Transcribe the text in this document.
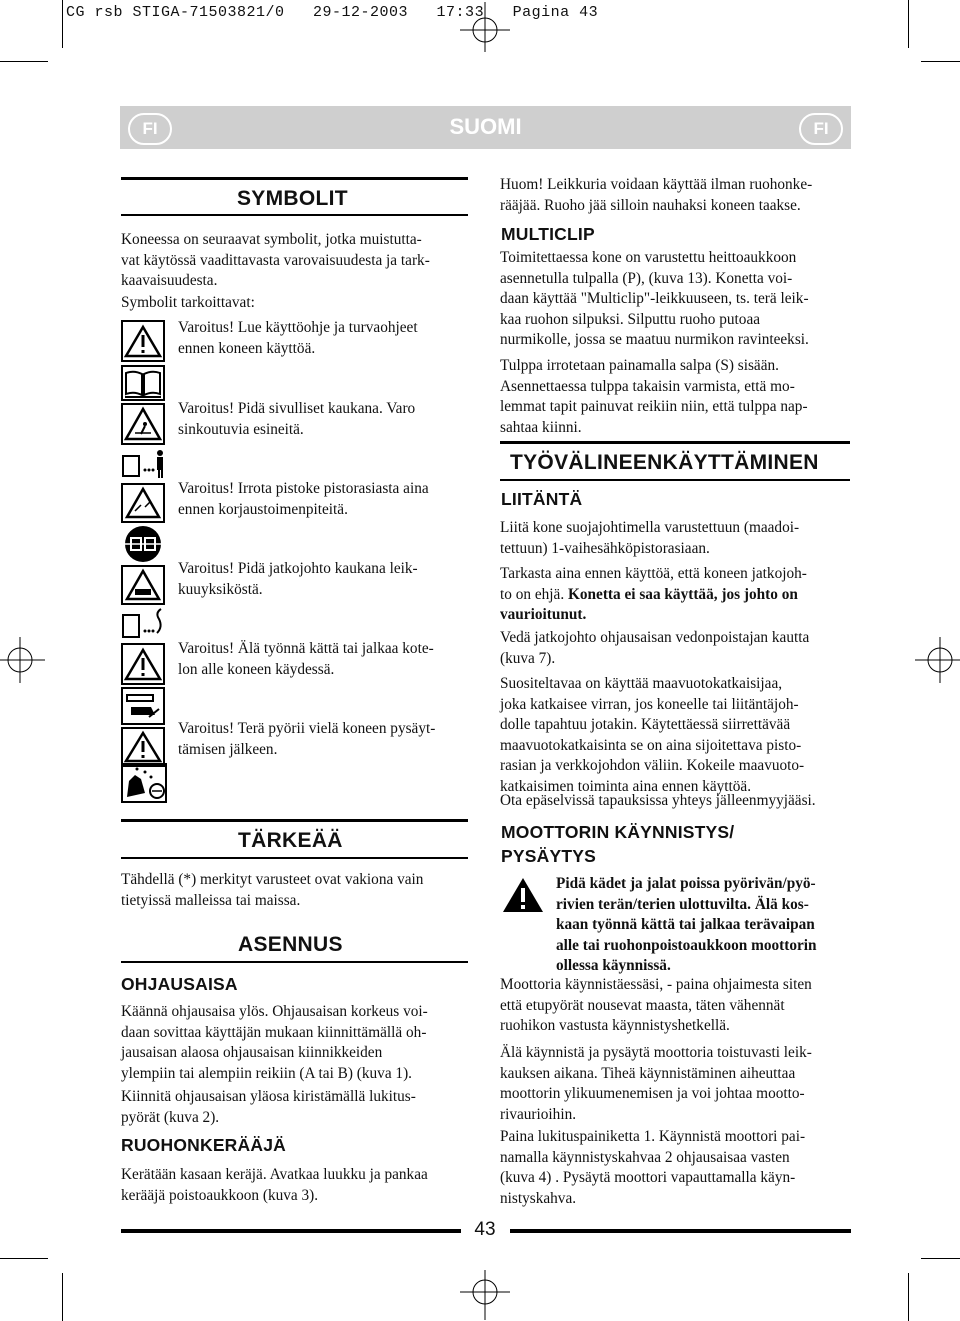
CG rsb STIGA-71503821/0   29-12-2003   17:33   Pagina 43
FI	SUOMI	FI
SYMBOLIT
Koneessa on seuraavat symbolit, jotka muistutta-
vat käytössä vaadittavasta varovaisuudesta ja tark-
kaavaisuudesta.
Symbolit tarkoittavat:
Varoitus! Lue käyttöohje ja turvaohjeet
ennen koneen käyttöä.
Varoitus! Pidä sivulliset kaukana. Varo
sinkoutuvia esineitä.
Varoitus! Irrota pistoke pistorasiasta aina
ennen korjaustoimenpiteitä.
Varoitus! Pidä jatkojohto kaukana leik-
kuuyksiköstä.
Varoitus! Älä työnnä kättä tai jalkaa kote-
lon alle koneen käydessä.
Varoitus! Terä pyörii vielä koneen pysäyt-
tämisen jälkeen.
TÄRKEÄÄ
Tähdellä (*) merkityt varusteet ovat vakiona vain
tietyissä malleissa tai maissa.
ASENNUS
OHJAUSAISA
Käännä ohjausaisa ylös. Ohjausaisan korkeus voi-
daan sovittaa käyttäjän mukaan kiinnittämällä oh-
jausaisan alaosa ohjausaisan kiinnikkeiden
ylempiin tai alempiin reikiin (A tai B) (kuva 1).
Kiinnitä ohjausaisan yläosa kiristämällä lukitus-
pyörät (kuva 2).
RUOHONKERÄÄJÄ
Kerätään kasaan keräjä. Avatkaa luukku ja pankaa
kerääjä poistoaukkoon (kuva 3).
Huom! Leikkuria voidaan käyttää ilman ruohonke-
rääjää. Ruoho jää silloin nauhaksi koneen taakse.
MULTICLIP
Toimitettaessa kone on varustettu heittoaukkoon
asennetulla tulpalla (P), (kuva 13). Konetta voi-
daan käyttää "Multiclip"-leikkuuseen, ts. terä leik-
kaa ruohon silpuksi. Silputtu ruoho putoaa
nurmikolle, jossa se maatuu nurmikon ravinteeksi.
Tulppa irrotetaan painamalla salpa (S) sisään.
Asennettaessa tulppa takaisin varmista, että mo-
lemmat tapit painuvat reikiin niin, että tulppa nap-
sahtaa kiinni.
TYÖVÄLINEENKÄYTTÄMINEN
LIITÄNTÄ
Liitä kone suojajohtimella varustettuun (maadoi-
tettuun) 1-vaihesähköpistorasiaan.
Tarkasta aina ennen käyttöä, että koneen jatkojoh-
to on ehjä. Konetta ei saa käyttää, jos johto on
vaurioitunut.
Vedä jatkojohto ohjausaisan vedonpoistajan kautta
(kuva 7).
Suositeltavaa on käyttää maavuotokatkaisijaa,
joka katkaisee virran, jos koneelle tai liitäntäjoh-
dolle tapahtuu jotakin. Käytettäessä siirrettävää
maavuotokatkaisinta se on aina sijoitettava pisto-
rasian ja verkkojohdon väliin. Kokeile maavuoto-
katkaisimen toiminta aina ennen käyttöä.
Ota epäselvissä tapauksissa yhteys jälleenmyyjääsi.
MOOTTORIN KÄYNNISTYS/
PYSÄYTYS
Pidä kädet ja jalat poissa pyörivän/pyö-
rivien terän/terien ulottuvilta. Älä kos-
kaan työnnä kättä tai jalkaa terävaipan
alle tai ruohonpoistoaukkoon moottorin
ollessa käynnissä.
Moottoria käynnistäessäsi, - paina ohjaimesta siten
että etupyörät nousevat maasta, täten vähennät
ruohikon vastusta käynnistyshetkellä.
Älä käynnistä ja pysäytä moottoria toistuvasti leik-
kauksen aikana. Tiheä käynnistäminen aiheuttaa
moottorin ylikuumenemisen ja voi johtaa mootto-
rivaurioihin.
Paina lukituspainiketta 1. Käynnistä moottori pai-
namalla käynnistyskahvaa 2 ohjausaisaa vasten
(kuva 4) . Pysäytä moottori vapauttamalla käyn-
nistyskahva.
43
